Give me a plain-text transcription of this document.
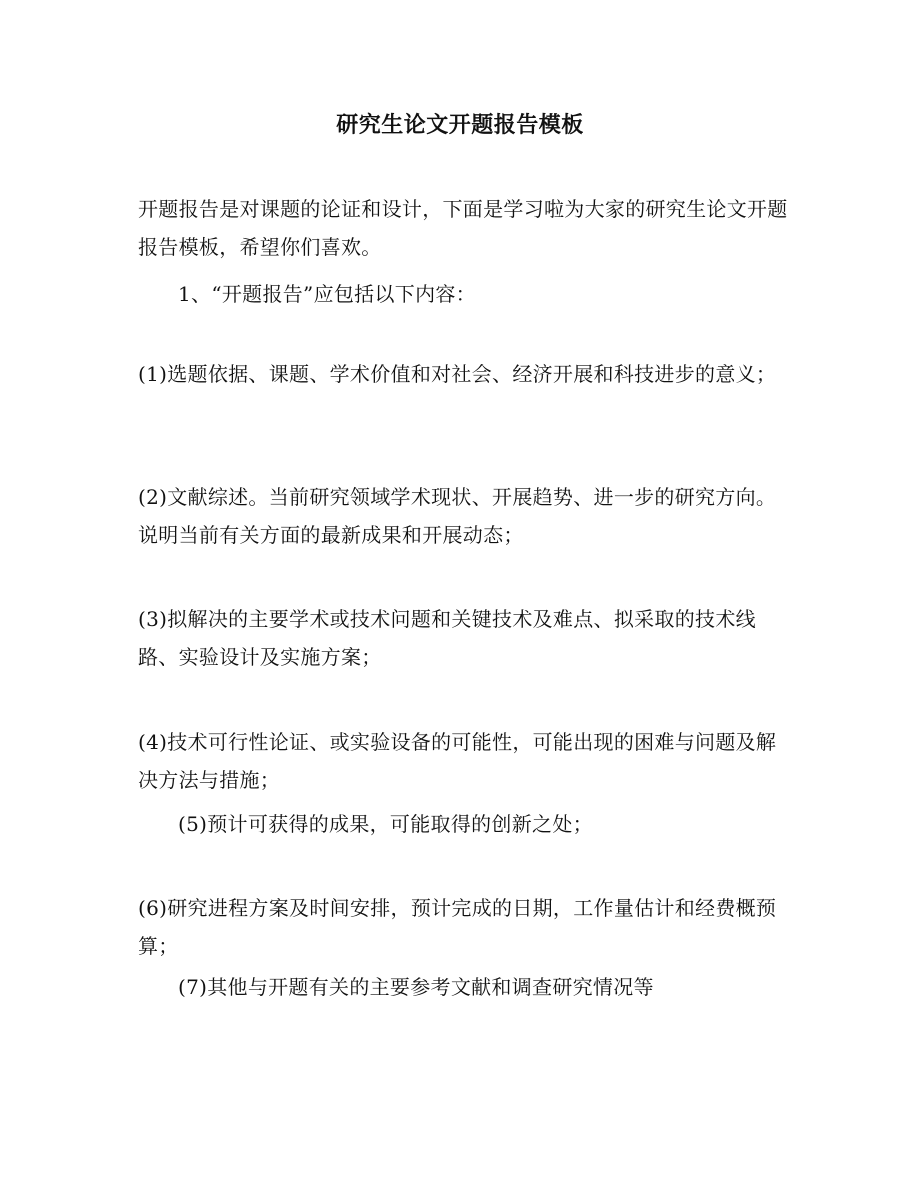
研究生论文开题报告模板
开题报告是对课题的论证和设计，下面是学习啦为大家的研究生论文开题报告模板，希望你们喜欢。
1、“开题报告”应包括以下内容：
(1)选题依据、课题、学术价值和对社会、经济开展和科技进步的意义；
(2)文献综述。当前研究领域学术现状、开展趋势、进一步的研究方向。说明当前有关方面的最新成果和开展动态；
(3)拟解决的主要学术或技术问题和关键技术及难点、拟采取的技术线路、实验设计及实施方案；
(4)技术可行性论证、或实验设备的可能性，可能出现的困难与问题及解决方法与措施；
(5)预计可获得的成果，可能取得的创新之处；
(6)研究进程方案及时间安排，预计完成的日期，工作量估计和经费概预算；
(7)其他与开题有关的主要参考文献和调查研究情况等
